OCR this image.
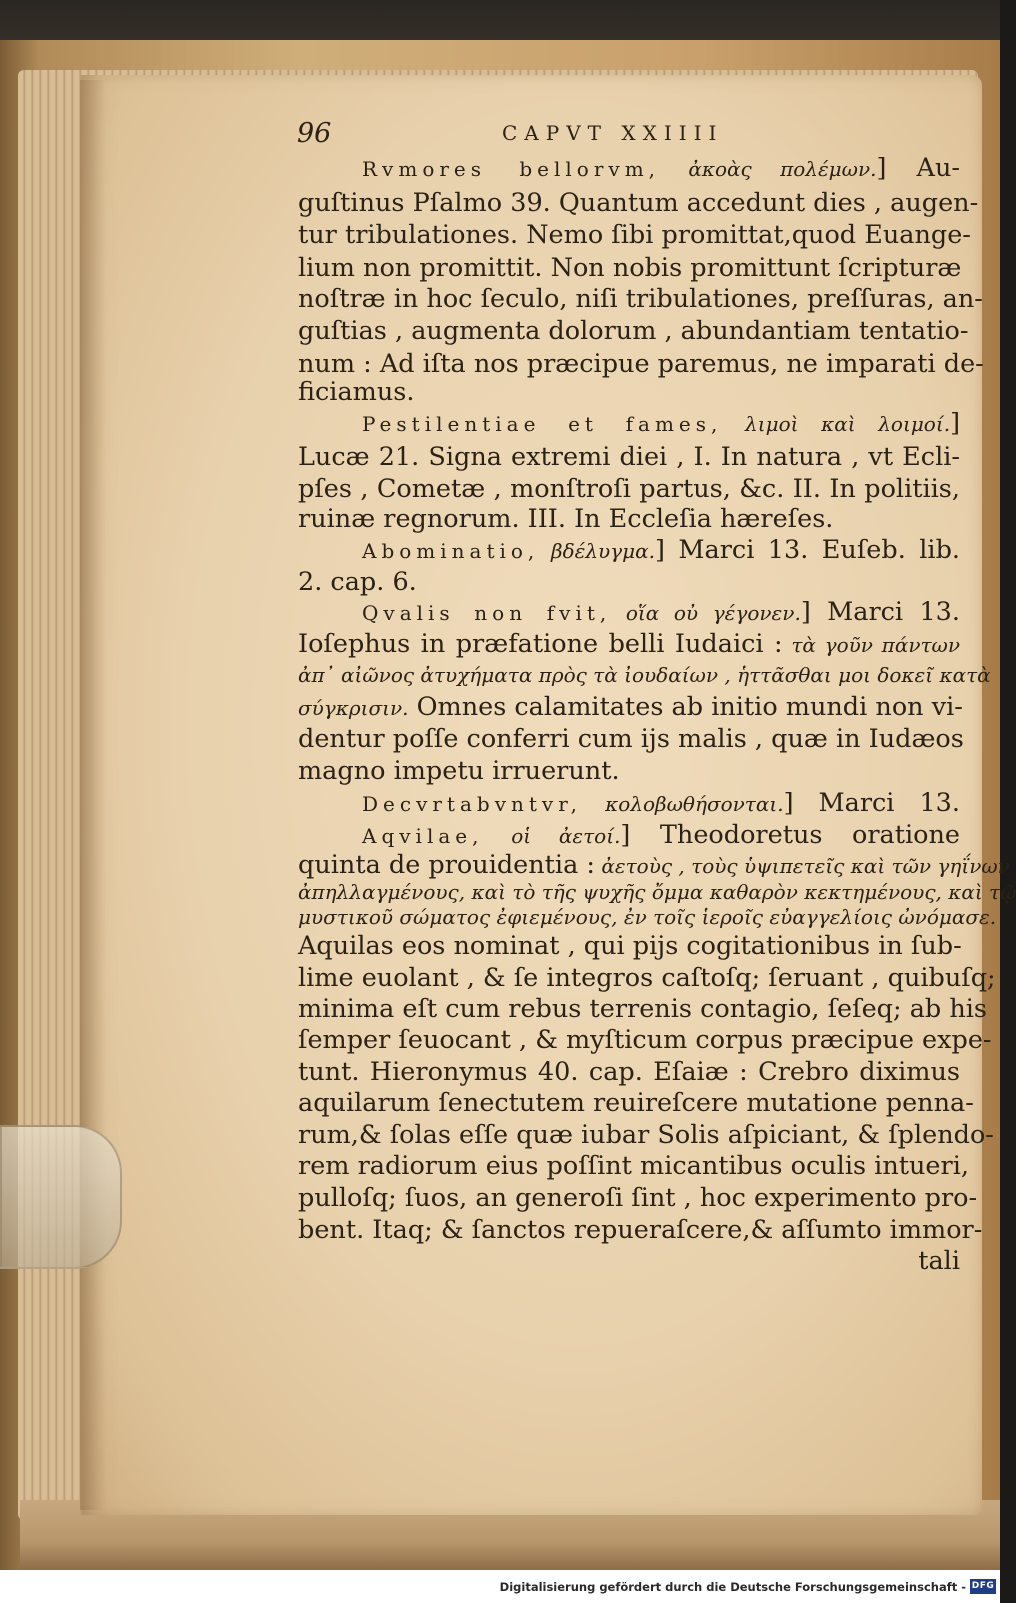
96	CAPVT XXIIII
Rvmores bellorvm, ἀκοὰς πολέμων.] Au-
guſtinus Pſalmo 39. Quantum accedunt dies , augen-
tur tribulationes. Nemo ſibi promittat,quod Euange-
lium non promittit. Non nobis promittunt ſcripturæ
noſtræ in hoc ſeculo, niſi tribulationes, preſſuras, an-
guſtias , augmenta dolorum , abundantiam tentatio-
num : Ad iſta nos præcipue paremus, ne imparati de-
ficiamus.
Pestilentiae et fames, λιμοὶ καὶ λοιμοί.]
Lucæ 21. Signa extremi diei , I. In natura , vt Ecli-
pſes , Cometæ , monſtroſi partus, &c. II. In politiis,
ruinæ regnorum. III. In Eccleſia hæreſes.
Abominatio, βδέλυγμα.] Marci 13. Euſeb. lib.
2. cap. 6.
Qvalis non fvit, οἵα οὐ γέγονεν.] Marci 13.
Ioſephus in præfatione belli Iudaici : τὰ γοῦν πάντων
ἀπ᾽ αἰῶνος ἀτυχήματα πρὸς τὰ ἰουδαίων , ἡττᾶσθαι μοι δοκεῖ κατὰ
σύγκρισιν. Omnes calamitates ab initio mundi non vi-
dentur poſſe conferri cum ijs malis , quæ in Iudæos
magno impetu irruerunt.
Decvrtabvntvr, κολοβωθήσονται.] Marci 13.
Aqvilae, οἱ ἀετοί.] Theodoretus oratione
quinta de prouidentia : ἀετοὺς , τοὺς ὑψιπετεῖς καὶ τῶν γηΐνων
ἀπηλλαγμένους, καὶ τὸ τῆς ψυχῆς ὄμμα καθαρὸν κεκτημένους, καὶ τῷ
μυστικοῦ σώματος ἐφιεμένους, ἐν τοῖς ἱεροῖς εὐαγγελίοις ὠνόμασε.
Aquilas eos nominat , qui pijs cogitationibus in ſub-
lime euolant , & ſe integros caſtoſq; ſeruant , quibuſq;
minima eſt cum rebus terrenis contagio, ſeſeq; ab his
ſemper ſeuocant , & myſticum corpus præcipue expe-
tunt. Hieronymus 40. cap. Eſaiæ : Crebro diximus
aquilarum ſenectutem reuireſcere mutatione penna-
rum,& ſolas eſſe quæ iubar Solis aſpiciant, & ſplendo-
rem radiorum eius poſſint micantibus oculis intueri,
pulloſq; ſuos, an generoſi ſint , hoc experimento pro-
bent. Itaq; & ſanctos repueraſcere,& aſſumto immor-
tali
Digitalisierung gefördert durch die Deutsche Forschungsgemeinschaft - DFG
